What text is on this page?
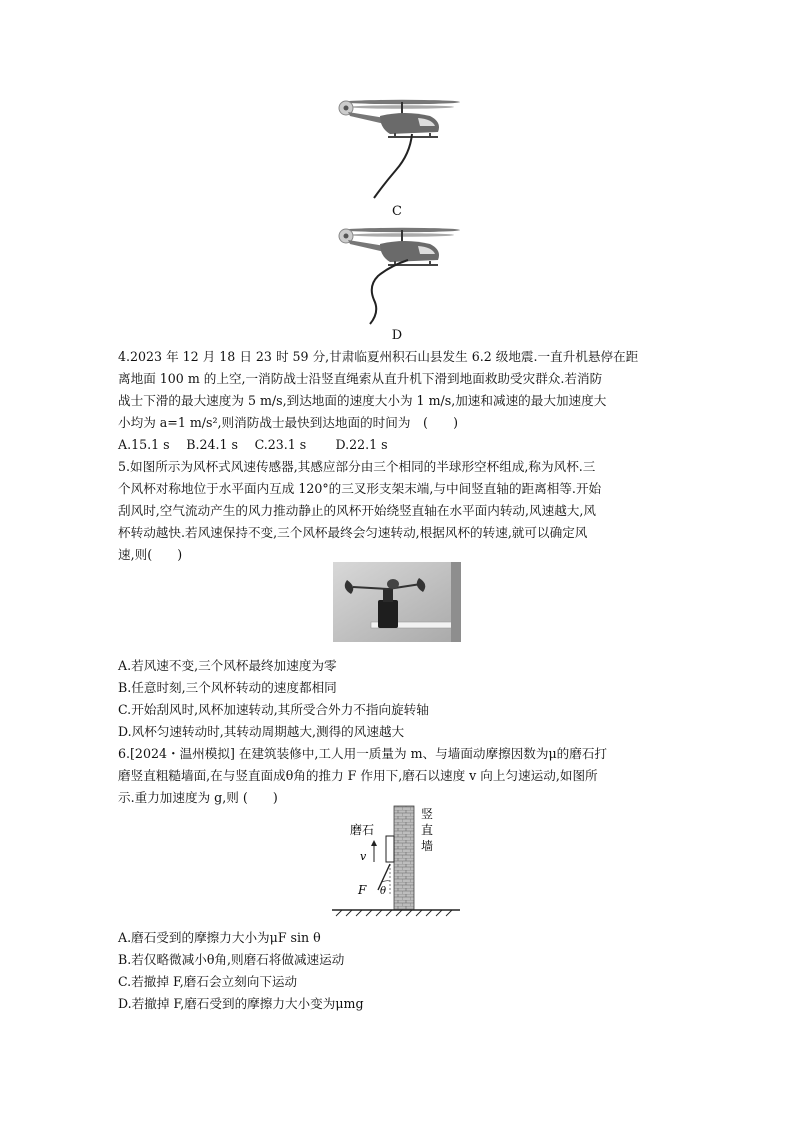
C
D
4.2023 年 12 月 18 日 23 时 59 分,甘肃临夏州积石山县发生 6.2 级地震.一直升机悬停在距
离地面 100 m 的上空,一消防战士沿竖直绳索从直升机下滑到地面救助受灾群众.若消防
战士下滑的最大速度为 5 m/s,到达地面的速度大小为 1 m/s,加速和减速的最大加速度大
小均为 a=1 m/s²,则消防战士最快到达地面的时间为　(　　)
A.15.1 s　 B.24.1 s　 C.23.1 s　　 D.22.1 s
5.如图所示为风杯式风速传感器,其感应部分由三个相同的半球形空杯组成,称为风杯.三
个风杯对称地位于水平面内互成 120°的三叉形支架末端,与中间竖直轴的距离相等.开始
刮风时,空气流动产生的风力推动静止的风杯开始绕竖直轴在水平面内转动,风速越大,风
杯转动越快.若风速保持不变,三个风杯最终会匀速转动,根据风杯的转速,就可以确定风
速,则(　　)
A.若风速不变,三个风杯最终加速度为零
B.任意时刻,三个风杯转动的速度都相同
C.开始刮风时,风杯加速转动,其所受合外力不指向旋转轴
D.风杯匀速转动时,其转动周期越大,测得的风速越大
6.[2024・温州模拟] 在建筑装修中,工人用一质量为 m、与墙面动摩擦因数为μ的磨石打
磨竖直粗糙墙面,在与竖直面成θ角的推力 F 作用下,磨石以速度 v 向上匀速运动,如图所
示.重力加速度为 g,则 (　　)
磨石
竖
直
墙
v
F θ
A.磨石受到的摩擦力大小为μF sin θ
B.若仅略微减小θ角,则磨石将做减速运动
C.若撤掉 F,磨石会立刻向下运动
D.若撤掉 F,磨石受到的摩擦力大小变为μmg
